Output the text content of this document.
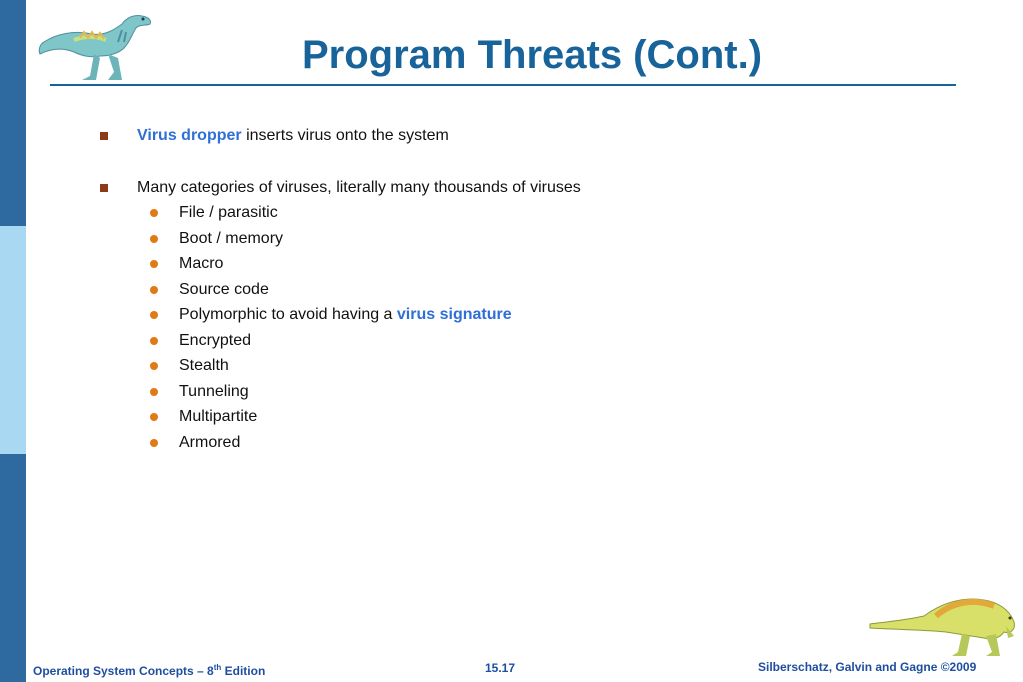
Program Threats (Cont.)
Virus dropper inserts virus onto the system
Many categories of viruses, literally many thousands of viruses
File / parasitic
Boot / memory
Macro
Source code
Polymorphic to avoid having a virus signature
Encrypted
Stealth
Tunneling
Multipartite
Armored
Operating System Concepts – 8th Edition	15.17	Silberschatz, Galvin and Gagne ©2009
